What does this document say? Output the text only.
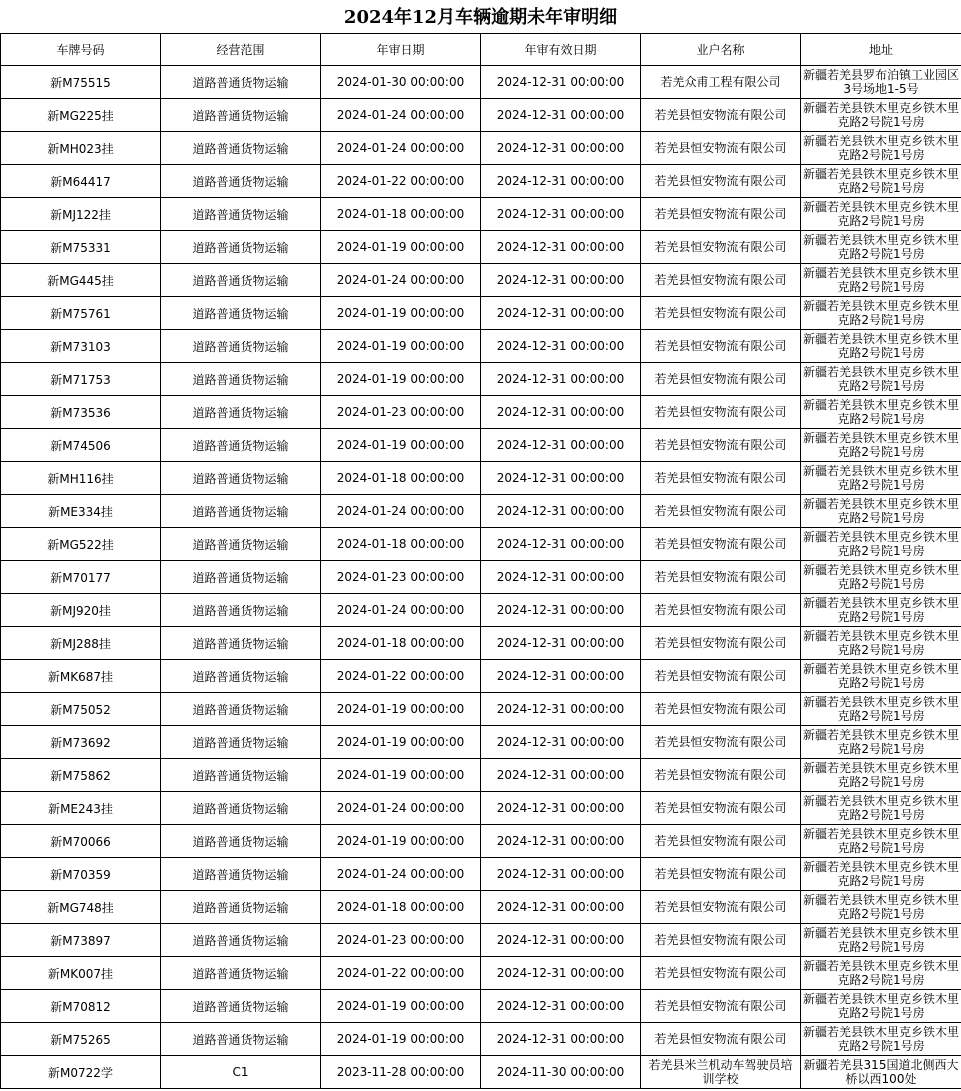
2024年12月车辆逾期未年审明细
车牌号码	经营范围	年审日期	年审有效日期	业户名称	地址
新M75515	道路普通货物运输	2024-01-30 00:00:00	2024-12-31 00:00:00	若羌众甫工程有限公司	新疆若羌县罗布泊镇工业园区3号场地1-5号
新MG225挂	道路普通货物运输	2024-01-24 00:00:00	2024-12-31 00:00:00	若羌县恒安物流有限公司	新疆若羌县铁木里克乡铁木里克路2号院1号房
新MH023挂	道路普通货物运输	2024-01-24 00:00:00	2024-12-31 00:00:00	若羌县恒安物流有限公司	新疆若羌县铁木里克乡铁木里克路2号院1号房
新M64417	道路普通货物运输	2024-01-22 00:00:00	2024-12-31 00:00:00	若羌县恒安物流有限公司	新疆若羌县铁木里克乡铁木里克路2号院1号房
新MJ122挂	道路普通货物运输	2024-01-18 00:00:00	2024-12-31 00:00:00	若羌县恒安物流有限公司	新疆若羌县铁木里克乡铁木里克路2号院1号房
新M75331	道路普通货物运输	2024-01-19 00:00:00	2024-12-31 00:00:00	若羌县恒安物流有限公司	新疆若羌县铁木里克乡铁木里克路2号院1号房
新MG445挂	道路普通货物运输	2024-01-24 00:00:00	2024-12-31 00:00:00	若羌县恒安物流有限公司	新疆若羌县铁木里克乡铁木里克路2号院1号房
新M75761	道路普通货物运输	2024-01-19 00:00:00	2024-12-31 00:00:00	若羌县恒安物流有限公司	新疆若羌县铁木里克乡铁木里克路2号院1号房
新M73103	道路普通货物运输	2024-01-19 00:00:00	2024-12-31 00:00:00	若羌县恒安物流有限公司	新疆若羌县铁木里克乡铁木里克路2号院1号房
新M71753	道路普通货物运输	2024-01-19 00:00:00	2024-12-31 00:00:00	若羌县恒安物流有限公司	新疆若羌县铁木里克乡铁木里克路2号院1号房
新M73536	道路普通货物运输	2024-01-23 00:00:00	2024-12-31 00:00:00	若羌县恒安物流有限公司	新疆若羌县铁木里克乡铁木里克路2号院1号房
新M74506	道路普通货物运输	2024-01-19 00:00:00	2024-12-31 00:00:00	若羌县恒安物流有限公司	新疆若羌县铁木里克乡铁木里克路2号院1号房
新MH116挂	道路普通货物运输	2024-01-18 00:00:00	2024-12-31 00:00:00	若羌县恒安物流有限公司	新疆若羌县铁木里克乡铁木里克路2号院1号房
新ME334挂	道路普通货物运输	2024-01-24 00:00:00	2024-12-31 00:00:00	若羌县恒安物流有限公司	新疆若羌县铁木里克乡铁木里克路2号院1号房
新MG522挂	道路普通货物运输	2024-01-18 00:00:00	2024-12-31 00:00:00	若羌县恒安物流有限公司	新疆若羌县铁木里克乡铁木里克路2号院1号房
新M70177	道路普通货物运输	2024-01-23 00:00:00	2024-12-31 00:00:00	若羌县恒安物流有限公司	新疆若羌县铁木里克乡铁木里克路2号院1号房
新MJ920挂	道路普通货物运输	2024-01-24 00:00:00	2024-12-31 00:00:00	若羌县恒安物流有限公司	新疆若羌县铁木里克乡铁木里克路2号院1号房
新MJ288挂	道路普通货物运输	2024-01-18 00:00:00	2024-12-31 00:00:00	若羌县恒安物流有限公司	新疆若羌县铁木里克乡铁木里克路2号院1号房
新MK687挂	道路普通货物运输	2024-01-22 00:00:00	2024-12-31 00:00:00	若羌县恒安物流有限公司	新疆若羌县铁木里克乡铁木里克路2号院1号房
新M75052	道路普通货物运输	2024-01-19 00:00:00	2024-12-31 00:00:00	若羌县恒安物流有限公司	新疆若羌县铁木里克乡铁木里克路2号院1号房
新M73692	道路普通货物运输	2024-01-19 00:00:00	2024-12-31 00:00:00	若羌县恒安物流有限公司	新疆若羌县铁木里克乡铁木里克路2号院1号房
新M75862	道路普通货物运输	2024-01-19 00:00:00	2024-12-31 00:00:00	若羌县恒安物流有限公司	新疆若羌县铁木里克乡铁木里克路2号院1号房
新ME243挂	道路普通货物运输	2024-01-24 00:00:00	2024-12-31 00:00:00	若羌县恒安物流有限公司	新疆若羌县铁木里克乡铁木里克路2号院1号房
新M70066	道路普通货物运输	2024-01-19 00:00:00	2024-12-31 00:00:00	若羌县恒安物流有限公司	新疆若羌县铁木里克乡铁木里克路2号院1号房
新M70359	道路普通货物运输	2024-01-24 00:00:00	2024-12-31 00:00:00	若羌县恒安物流有限公司	新疆若羌县铁木里克乡铁木里克路2号院1号房
新MG748挂	道路普通货物运输	2024-01-18 00:00:00	2024-12-31 00:00:00	若羌县恒安物流有限公司	新疆若羌县铁木里克乡铁木里克路2号院1号房
新M73897	道路普通货物运输	2024-01-23 00:00:00	2024-12-31 00:00:00	若羌县恒安物流有限公司	新疆若羌县铁木里克乡铁木里克路2号院1号房
新MK007挂	道路普通货物运输	2024-01-22 00:00:00	2024-12-31 00:00:00	若羌县恒安物流有限公司	新疆若羌县铁木里克乡铁木里克路2号院1号房
新M70812	道路普通货物运输	2024-01-19 00:00:00	2024-12-31 00:00:00	若羌县恒安物流有限公司	新疆若羌县铁木里克乡铁木里克路2号院1号房
新M75265	道路普通货物运输	2024-01-19 00:00:00	2024-12-31 00:00:00	若羌县恒安物流有限公司	新疆若羌县铁木里克乡铁木里克路2号院1号房
新M0722学	C1	2023-11-28 00:00:00	2024-11-30 00:00:00	若羌县米兰机动车驾驶员培训学校	新疆若羌县315国道北侧西大桥以西100处
